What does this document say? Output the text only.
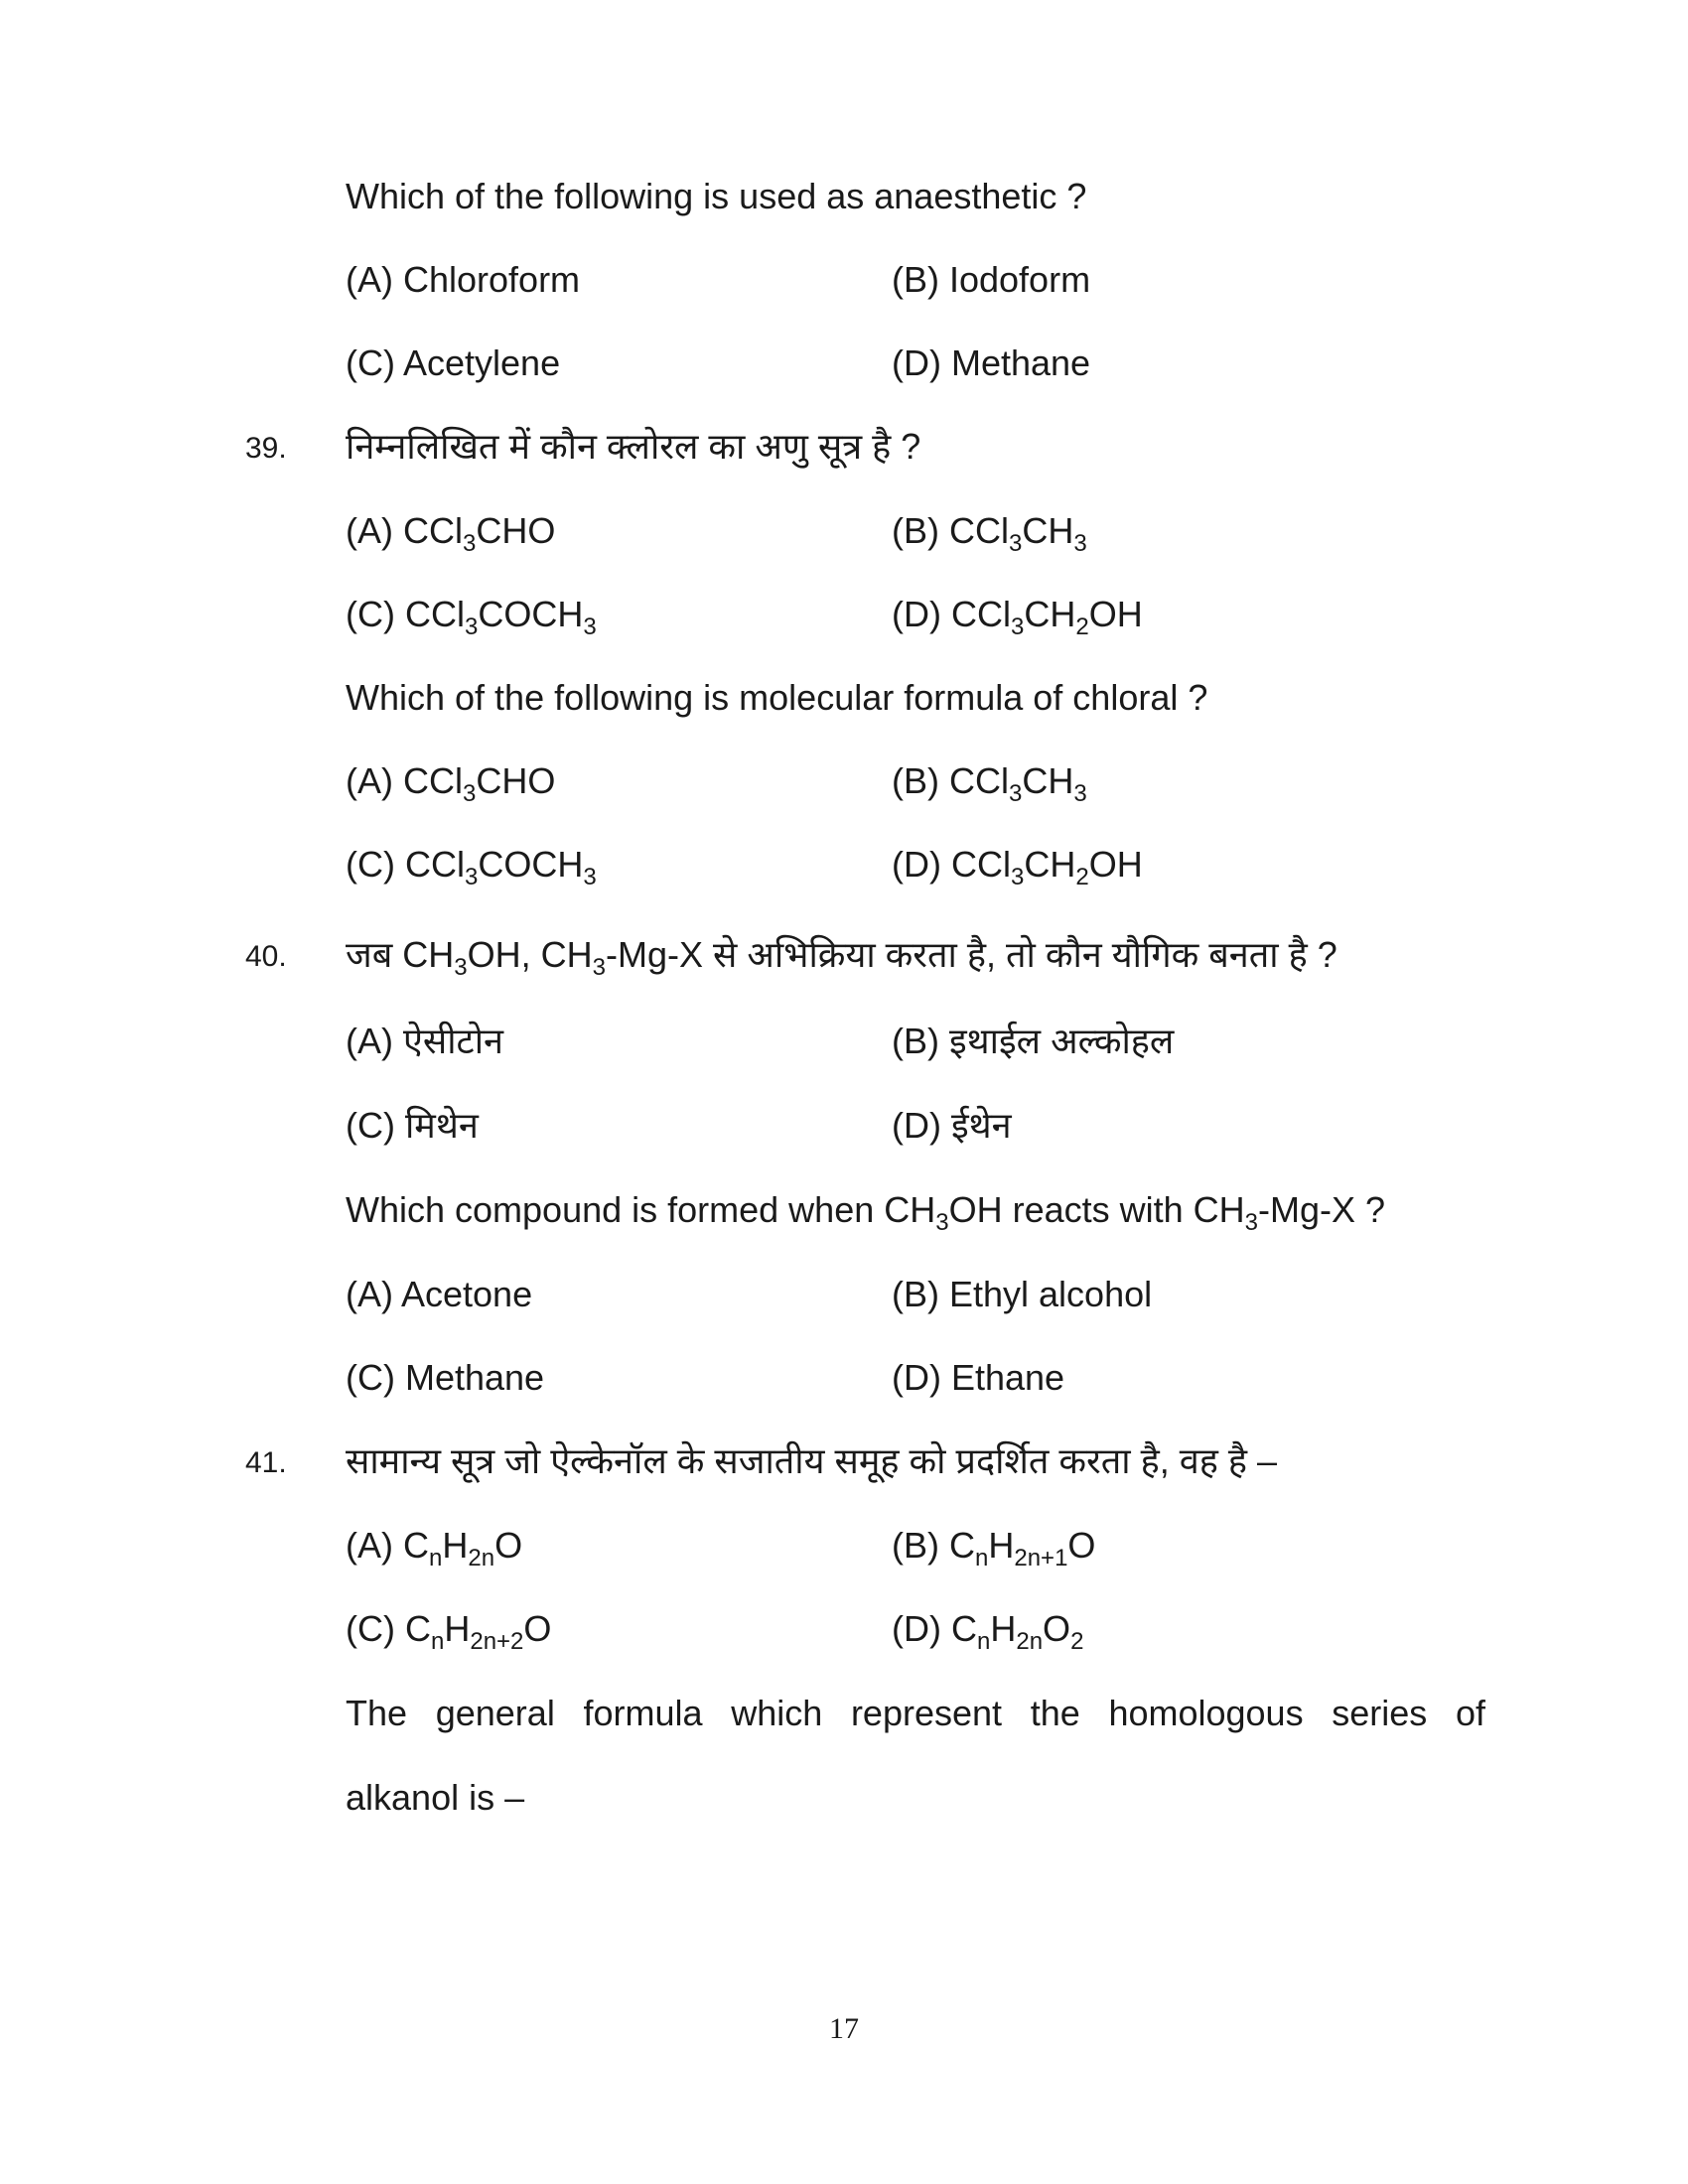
Which of the following is used as anaesthetic ?
(A) Chloroform	(B) Iodoform
(C) Acetylene	(D) Methane
39. निम्नलिखित में कौन क्लोरल का अणु सूत्र है ?
(A) CCl$_3$CHO	(B) $CCl_3CH_3$
(C) $CCl_3COCH_3$	(D) $CCl_3CH_2OH$
Which of the following is molecular formula of chloral ?
(A) CCl$_3$CHO	(B) $CCl_3CH_3$
(C) $CCl_3COCH_3$	(D) $CCl_3CH_2OH$
40. जब $CH_3OH$, $CH_3-Mg-X$ से अभिक्रिया करता है, तो कौन यौगिक बनता है ?
(A) ऐसीटोन	(B) इथाईल अल्कोहल
(C) मिथेन	(D) ईथेन
Which compound is formed when $CH_3OH$ reacts with $CH_3-Mg-X$ ?
(A) Acetone	(B) Ethyl alcohol
(C) Methane	(D) Ethane
41. सामान्य सूत्र जो ऐल्केनॉल के सजातीय समूह को प्रदर्शित करता है, वह है –
(A) $C_nH_{2n}O$	(B) $C_nH_{2n+1}O$
(C) $C_nH_{2n+2}O$	(D) $C_nH_{2n}O_2$
The general formula which represent the homologous series of
alkanol is –
17
